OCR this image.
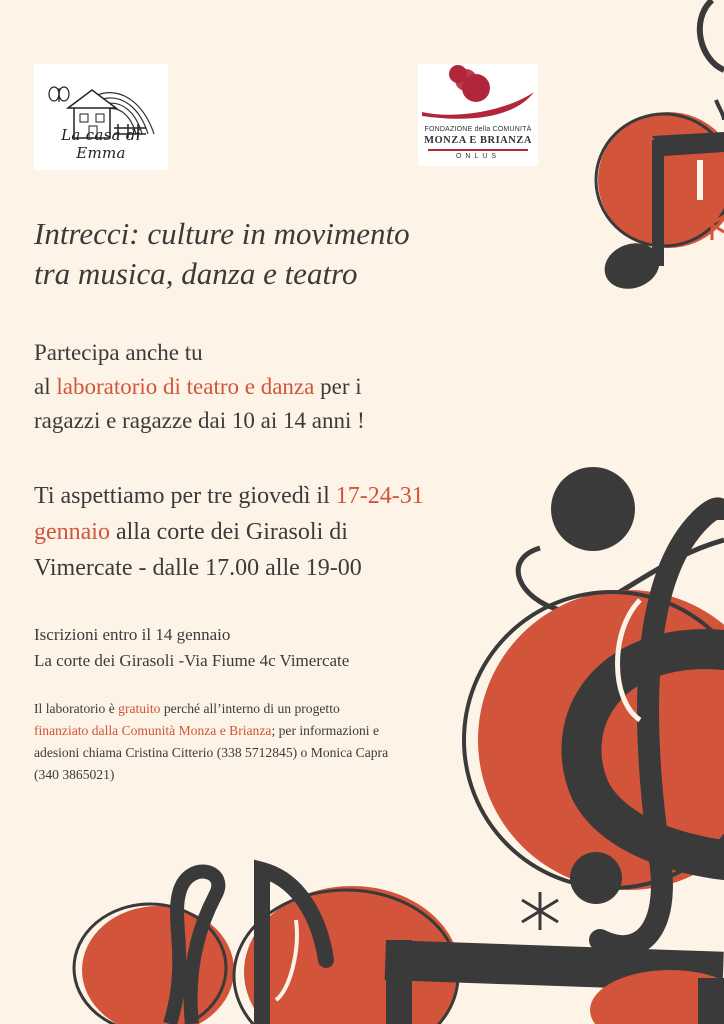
La casa di Emma
FONDAZIONE della COMUNITÀ
MONZA E BRIANZA
ONLUS
Intrecci: culture in movimento
tra musica, danza e teatro

Partecipa anche tu
al laboratorio di teatro e danza per i
ragazzi e ragazze dai 10 ai 14 anni !

Ti aspettiamo per tre giovedì il 17-24-31
gennaio alla corte dei Girasoli di
Vimercate - dalle 17.00 alle 19-00

Iscrizioni entro il 14 gennaio
La corte dei Girasoli -Via Fiume 4c Vimercate

Il laboratorio è gratuito perché all’interno di un progetto
finanziato dalla Comunità Monza e Brianza; per informazioni e
adesioni chiama Cristina Citterio (338 5712845) o Monica Capra
(340 3865021)
